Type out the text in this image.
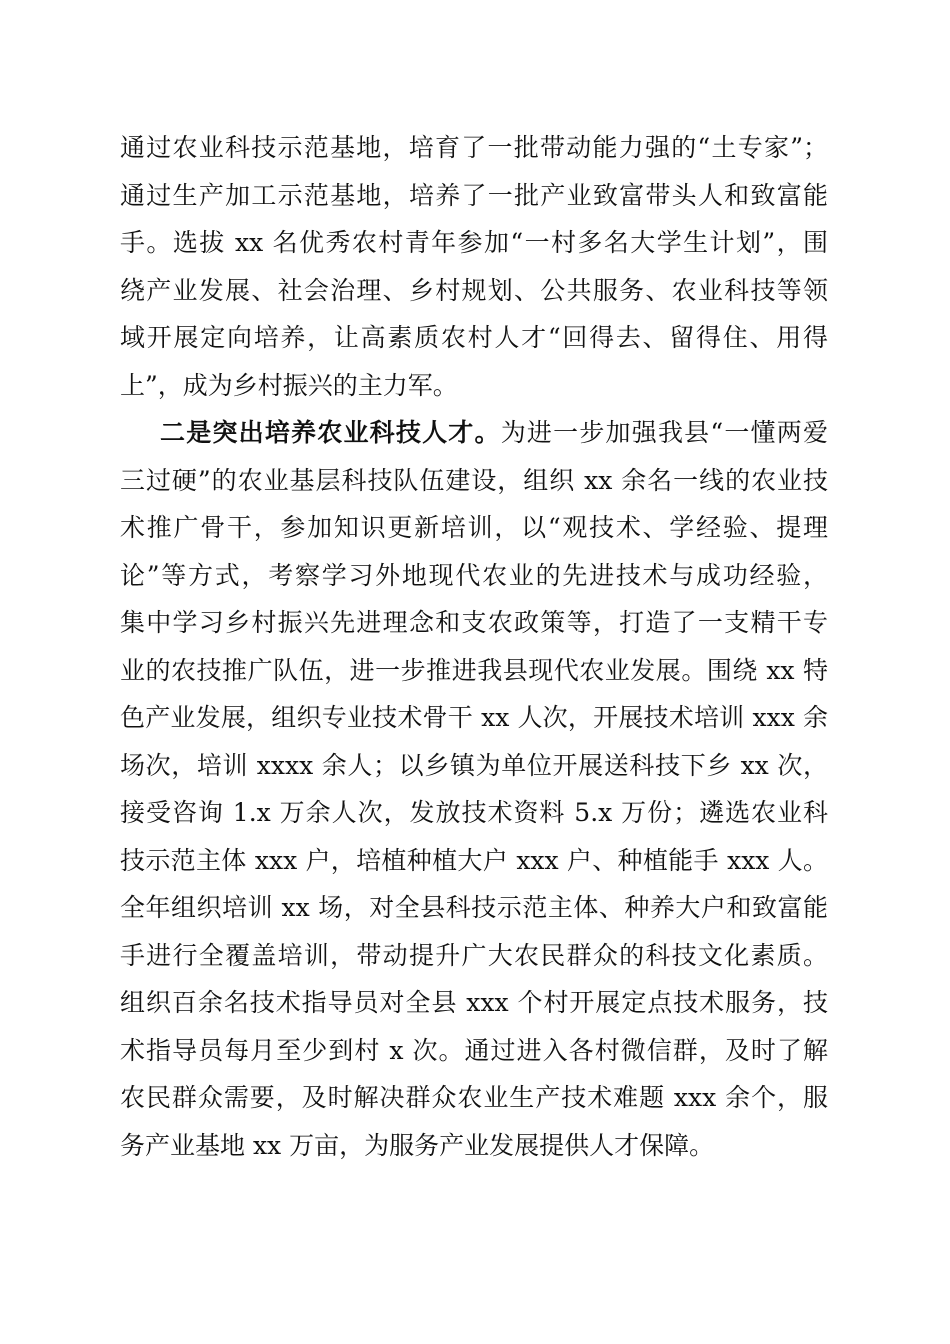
通过农业科技示范基地，培育了一批带动能力强的“土专家”；
通过生产加工示范基地，培养了一批产业致富带头人和致富能
手。选拔 xx 名优秀农村青年参加“一村多名大学生计划”，围
绕产业发展、社会治理、乡村规划、公共服务、农业科技等领
域开展定向培养，让高素质农村人才“回得去、留得住、用得
上”，成为乡村振兴的主力军。

二是突出培养农业科技人才。为进一步加强我县“一懂两爱
三过硬”的农业基层科技队伍建设，组织 xx 余名一线的农业技
术推广骨干，参加知识更新培训，以“观技术、学经验、提理
论”等方式，考察学习外地现代农业的先进技术与成功经验，
集中学习乡村振兴先进理念和支农政策等，打造了一支精干专
业的农技推广队伍，进一步推进我县现代农业发展。围绕 xx 特
色产业发展，组织专业技术骨干 xx 人次，开展技术培训 xxx 余
场次，培训 xxxx 余人；以乡镇为单位开展送科技下乡 xx 次，
接受咨询 1.x 万余人次，发放技术资料 5.x 万份；遴选农业科
技示范主体 xxx 户，培植种植大户 xxx 户、种植能手 xxx 人。
全年组织培训 xx 场，对全县科技示范主体、种养大户和致富能
手进行全覆盖培训，带动提升广大农民群众的科技文化素质。
组织百余名技术指导员对全县 xxx 个村开展定点技术服务，技
术指导员每月至少到村 x 次。通过进入各村微信群，及时了解
农民群众需要，及时解决群众农业生产技术难题 xxx 余个，服
务产业基地 xx 万亩，为服务产业发展提供人才保障。
